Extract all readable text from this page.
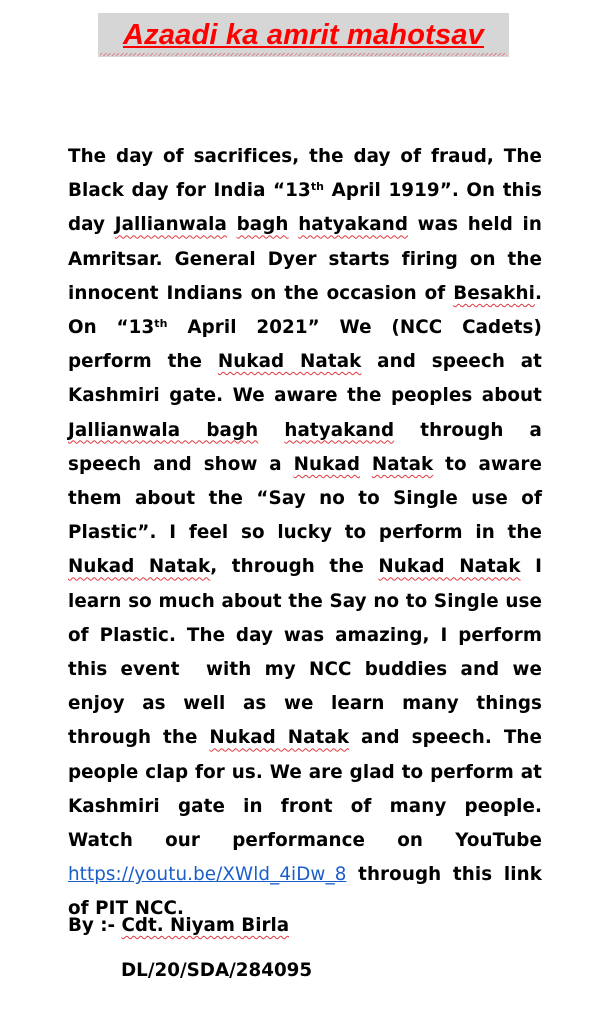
Azaadi ka amrit mahotsav
The day of sacrifices, the day of fraud, The Black day for India “13th April 1919”. On this day Jallianwala bagh hatyakand was held in Amritsar. General Dyer starts firing on the innocent Indians on the occasion of Besakhi. On “13th April 2021” We (NCC Cadets) perform the Nukad Natak and speech at Kashmiri gate. We aware the peoples about Jallianwala bagh hatyakand through a speech and show a Nukad Natak to aware them about the “Say no to Single use of Plastic”. I feel so lucky to perform in the Nukad Natak, through the Nukad Natak I learn so much about the Say no to Single use of Plastic. The day was amazing, I perform this event  with my NCC buddies and we enjoy as well as we learn many things through the Nukad Natak and speech. The people clap for us. We are glad to perform at Kashmiri gate in front of many people. Watch our performance on YouTube https://youtu.be/XWld_4iDw_8 through this link of PIT NCC.
By :- Cdt. Niyam Birla
DL/20/SDA/284095
